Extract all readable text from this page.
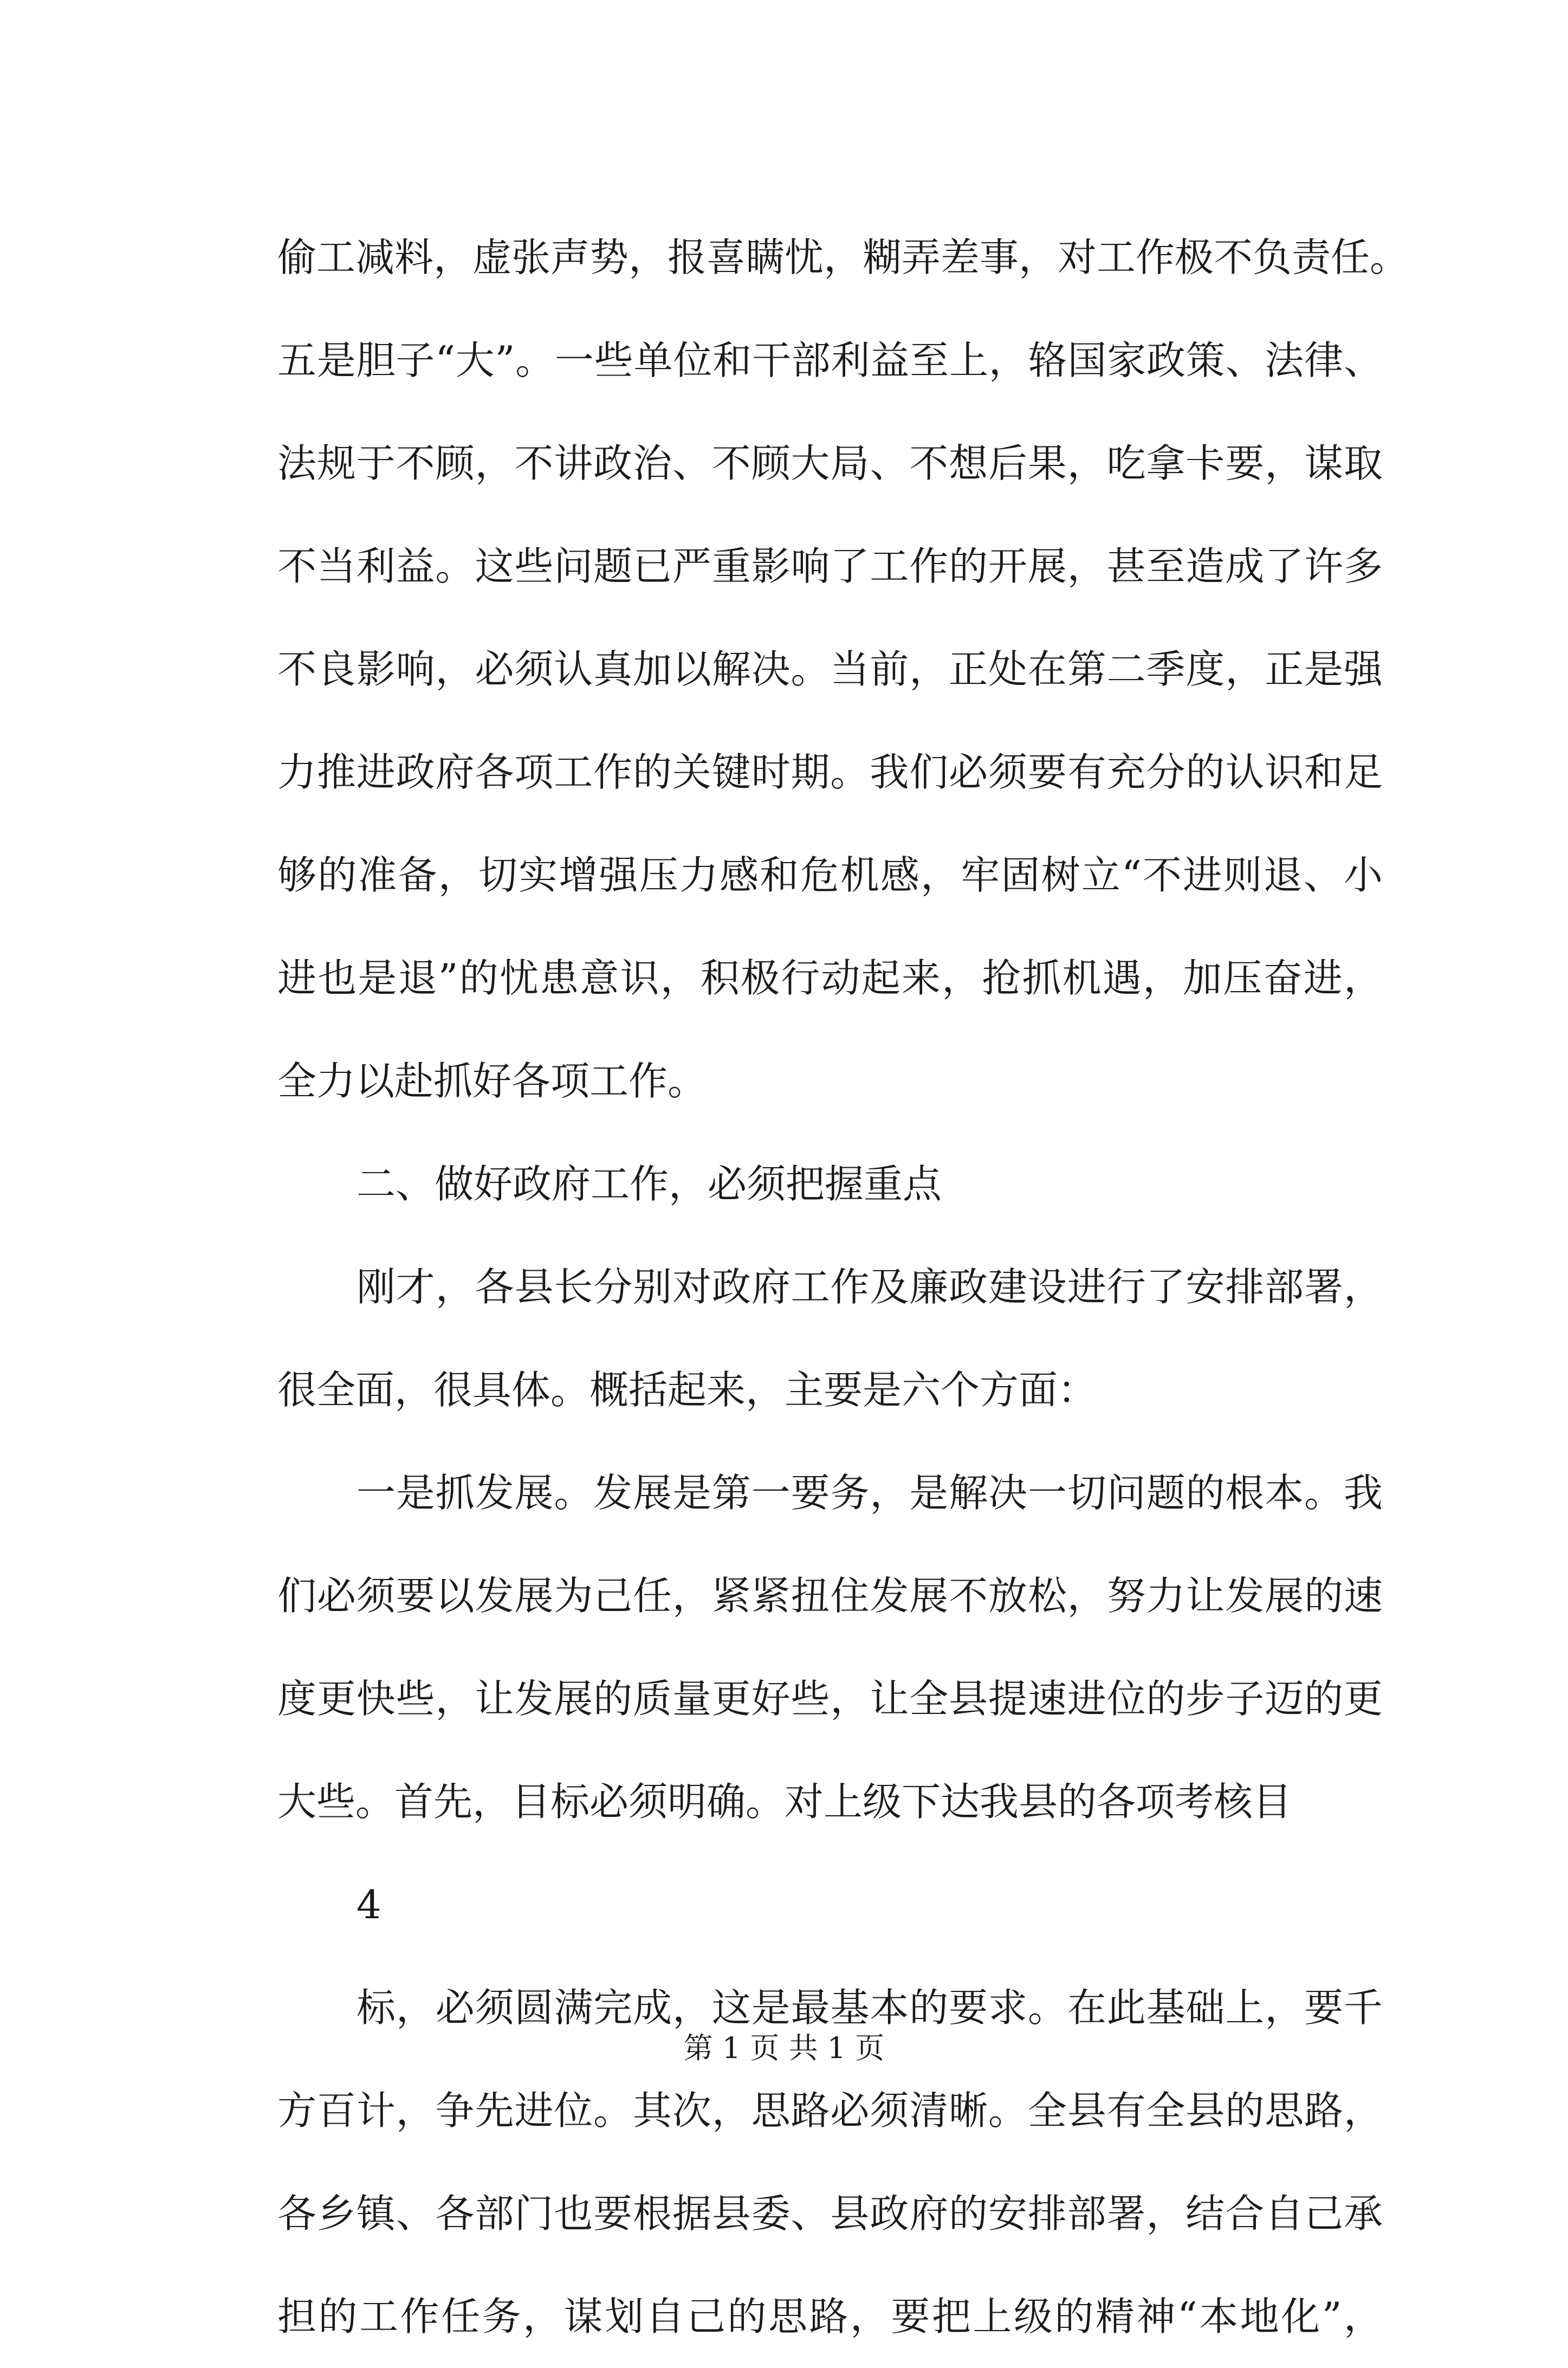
偷工减料，虚张声势，报喜瞒忧，糊弄差事，对工作极不负责任。
五是胆子“大”。一些单位和干部利益至上，辂国家政策、法律、
法规于不顾，不讲政治、不顾大局、不想后果，吃拿卡要，谋取
不当利益。这些问题已严重影响了工作的开展，甚至造成了许多
不良影响，必须认真加以解决。当前，正处在第二季度，正是强
力推进政府各项工作的关键时期。我们必须要有充分的认识和足
够的准备，切实增强压力感和危机感，牢固树立“不进则退、小
进也是退”的忧患意识，积极行动起来，抢抓机遇，加压奋进，
全力以赴抓好各项工作。
二、做好政府工作，必须把握重点
刚才，各县长分别对政府工作及廉政建设进行了安排部署，
很全面，很具体。概括起来，主要是六个方面：
一是抓发展。发展是第一要务，是解决一切问题的根本。我
们必须要以发展为己任，紧紧扭住发展不放松，努力让发展的速
度更快些，让发展的质量更好些，让全县提速进位的步子迈的更
大些。首先，目标必须明确。对上级下达我县的各项考核目
4
标，必须圆满完成，这是最基本的要求。在此基础上，要千
方百计，争先进位。其次，思路必须清晰。全县有全县的思路，
各乡镇、各部门也要根据县委、县政府的安排部署，结合自己承
担的工作任务，谋划自己的思路，要把上级的精神“本地化”，
第 1 页 共 1 页
